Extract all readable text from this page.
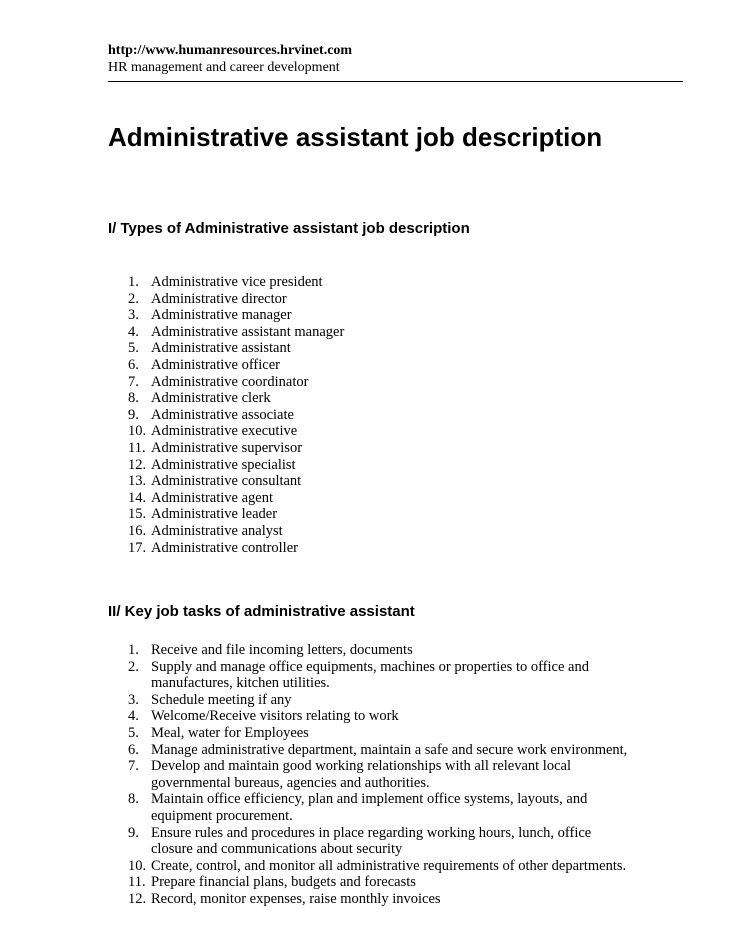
http://www.humanresources.hrvinet.com
HR management and career development
Administrative assistant job description
I/ Types of Administrative assistant job description
1. Administrative vice president
2. Administrative director
3. Administrative manager
4. Administrative assistant manager
5. Administrative assistant
6. Administrative officer
7. Administrative coordinator
8. Administrative clerk
9. Administrative associate
10. Administrative executive
11. Administrative supervisor
12. Administrative specialist
13. Administrative consultant
14. Administrative agent
15. Administrative leader
16. Administrative analyst
17. Administrative controller
II/ Key job tasks of administrative assistant
1. Receive and file incoming letters, documents
2. Supply and manage office equipments, machines or properties to office and manufactures, kitchen utilities.
3. Schedule meeting if any
4. Welcome/Receive visitors relating to work
5. Meal, water for Employees
6. Manage administrative department, maintain a safe and secure work environment,
7. Develop and maintain good working relationships with all relevant local governmental bureaus, agencies and authorities.
8. Maintain office efficiency, plan and implement office systems, layouts, and equipment procurement.
9. Ensure rules and procedures in place regarding working hours, lunch, office closure and communications about security
10. Create, control, and monitor all administrative requirements of other departments.
11. Prepare financial plans, budgets and forecasts
12. Record, monitor expenses, raise monthly invoices
